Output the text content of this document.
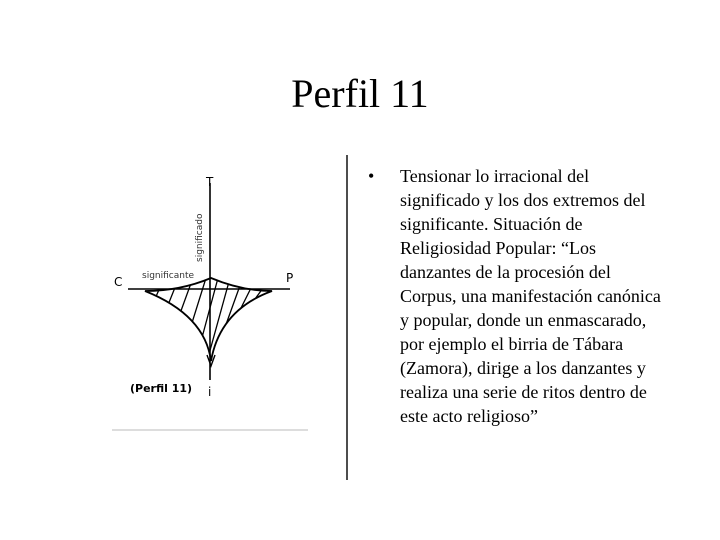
Perfil 11
T
C	P
i
significado
significante
(Perfil 11)
• Tensionar lo irracional del significado y los dos extremos del significante. Situación de Religiosidad Popular: “Los danzantes de la procesión del Corpus, una manifestación canónica y popular, donde un enmascarado, por ejemplo el birria de Tábara (Zamora), dirige a los danzantes y realiza una serie de ritos dentro de este acto religioso”
